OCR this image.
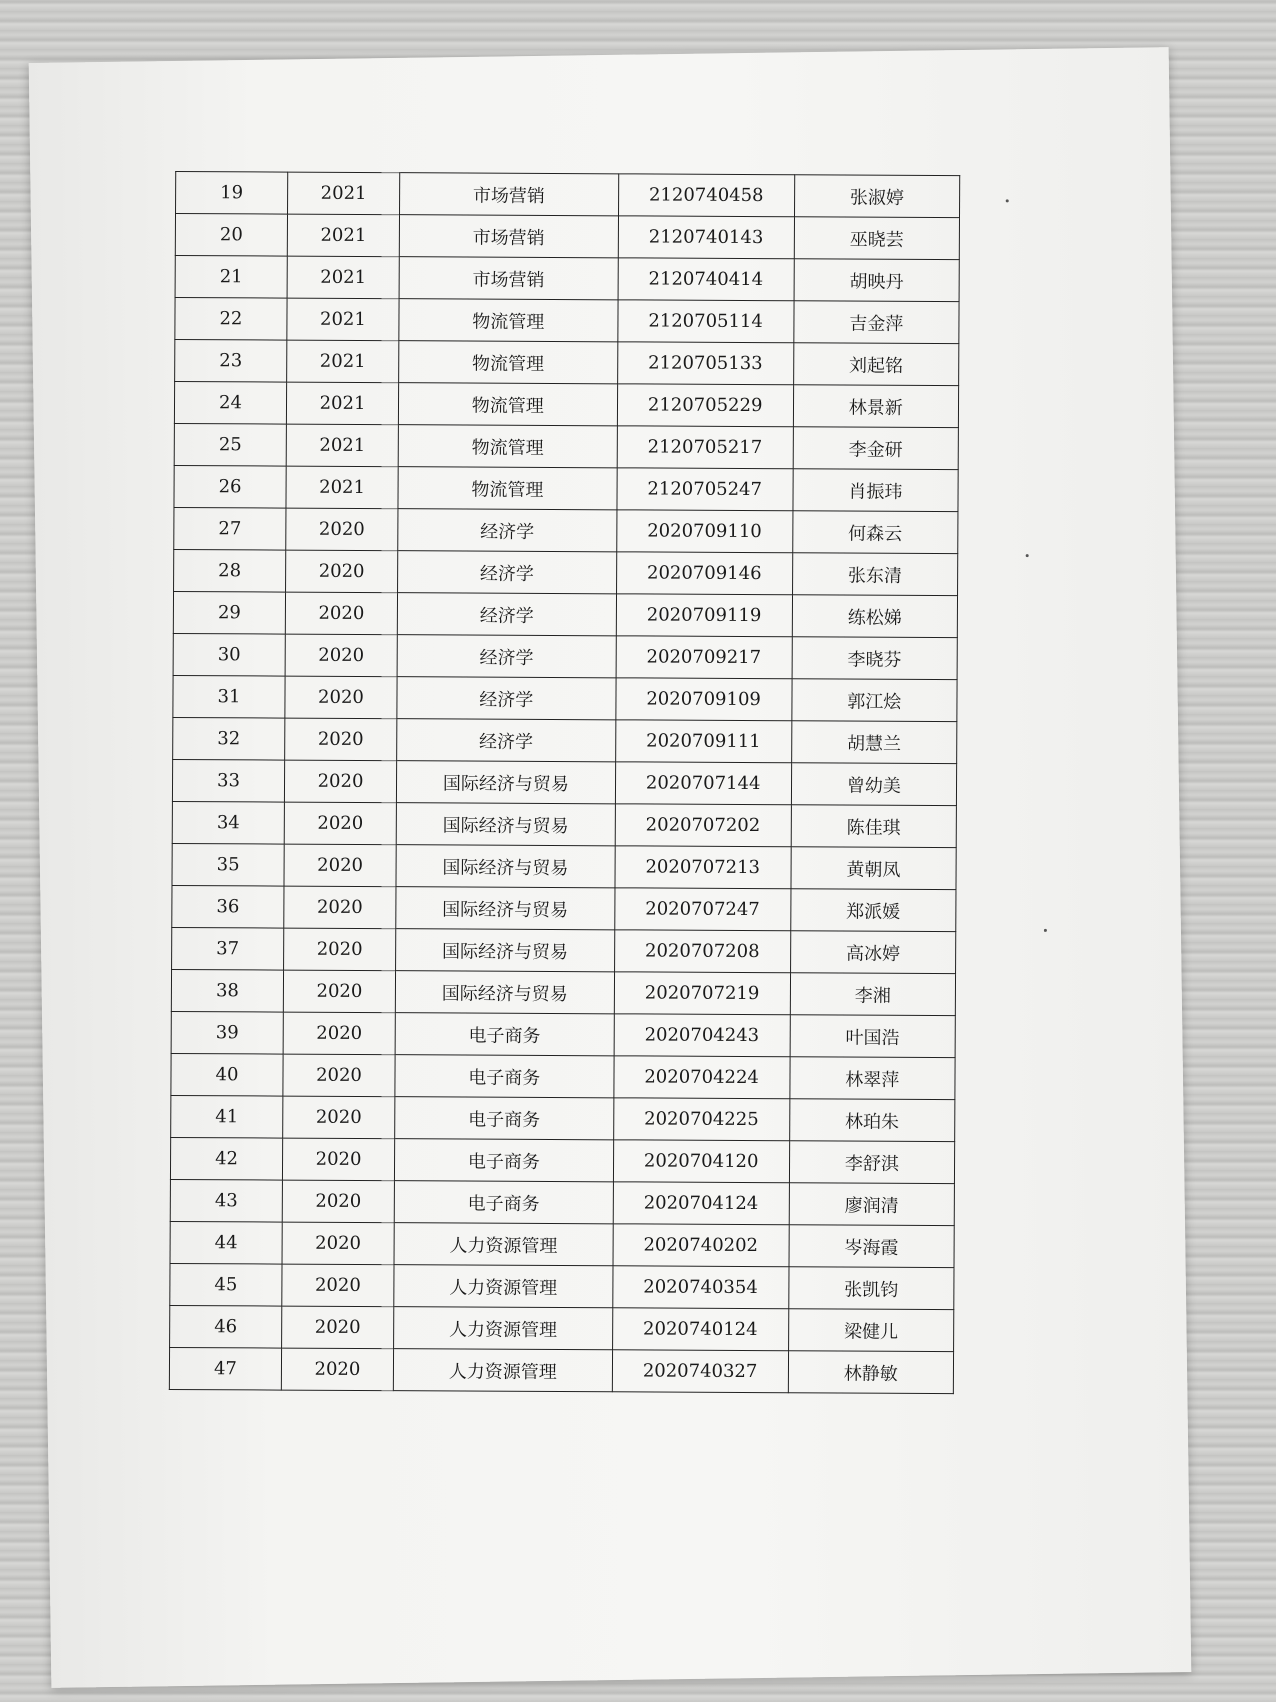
19	2021	市场营销	2120740458	张淑婷
20	2021	市场营销	2120740143	巫晓芸
21	2021	市场营销	2120740414	胡映丹
22	2021	物流管理	2120705114	吉金萍
23	2021	物流管理	2120705133	刘起铭
24	2021	物流管理	2120705229	林景新
25	2021	物流管理	2120705217	李金研
26	2021	物流管理	2120705247	肖振玮
27	2020	经济学	2020709110	何森云
28	2020	经济学	2020709146	张东清
29	2020	经济学	2020709119	练松娣
30	2020	经济学	2020709217	李晓芬
31	2020	经济学	2020709109	郭江烩
32	2020	经济学	2020709111	胡慧兰
33	2020	国际经济与贸易	2020707144	曾幼美
34	2020	国际经济与贸易	2020707202	陈佳琪
35	2020	国际经济与贸易	2020707213	黄朝凤
36	2020	国际经济与贸易	2020707247	郑派媛
37	2020	国际经济与贸易	2020707208	高冰婷
38	2020	国际经济与贸易	2020707219	李湘
39	2020	电子商务	2020704243	叶国浩
40	2020	电子商务	2020704224	林翠萍
41	2020	电子商务	2020704225	林珀朱
42	2020	电子商务	2020704120	李舒淇
43	2020	电子商务	2020704124	廖润清
44	2020	人力资源管理	2020740202	岑海霞
45	2020	人力资源管理	2020740354	张凯钧
46	2020	人力资源管理	2020740124	梁健儿
47	2020	人力资源管理	2020740327	林静敏
